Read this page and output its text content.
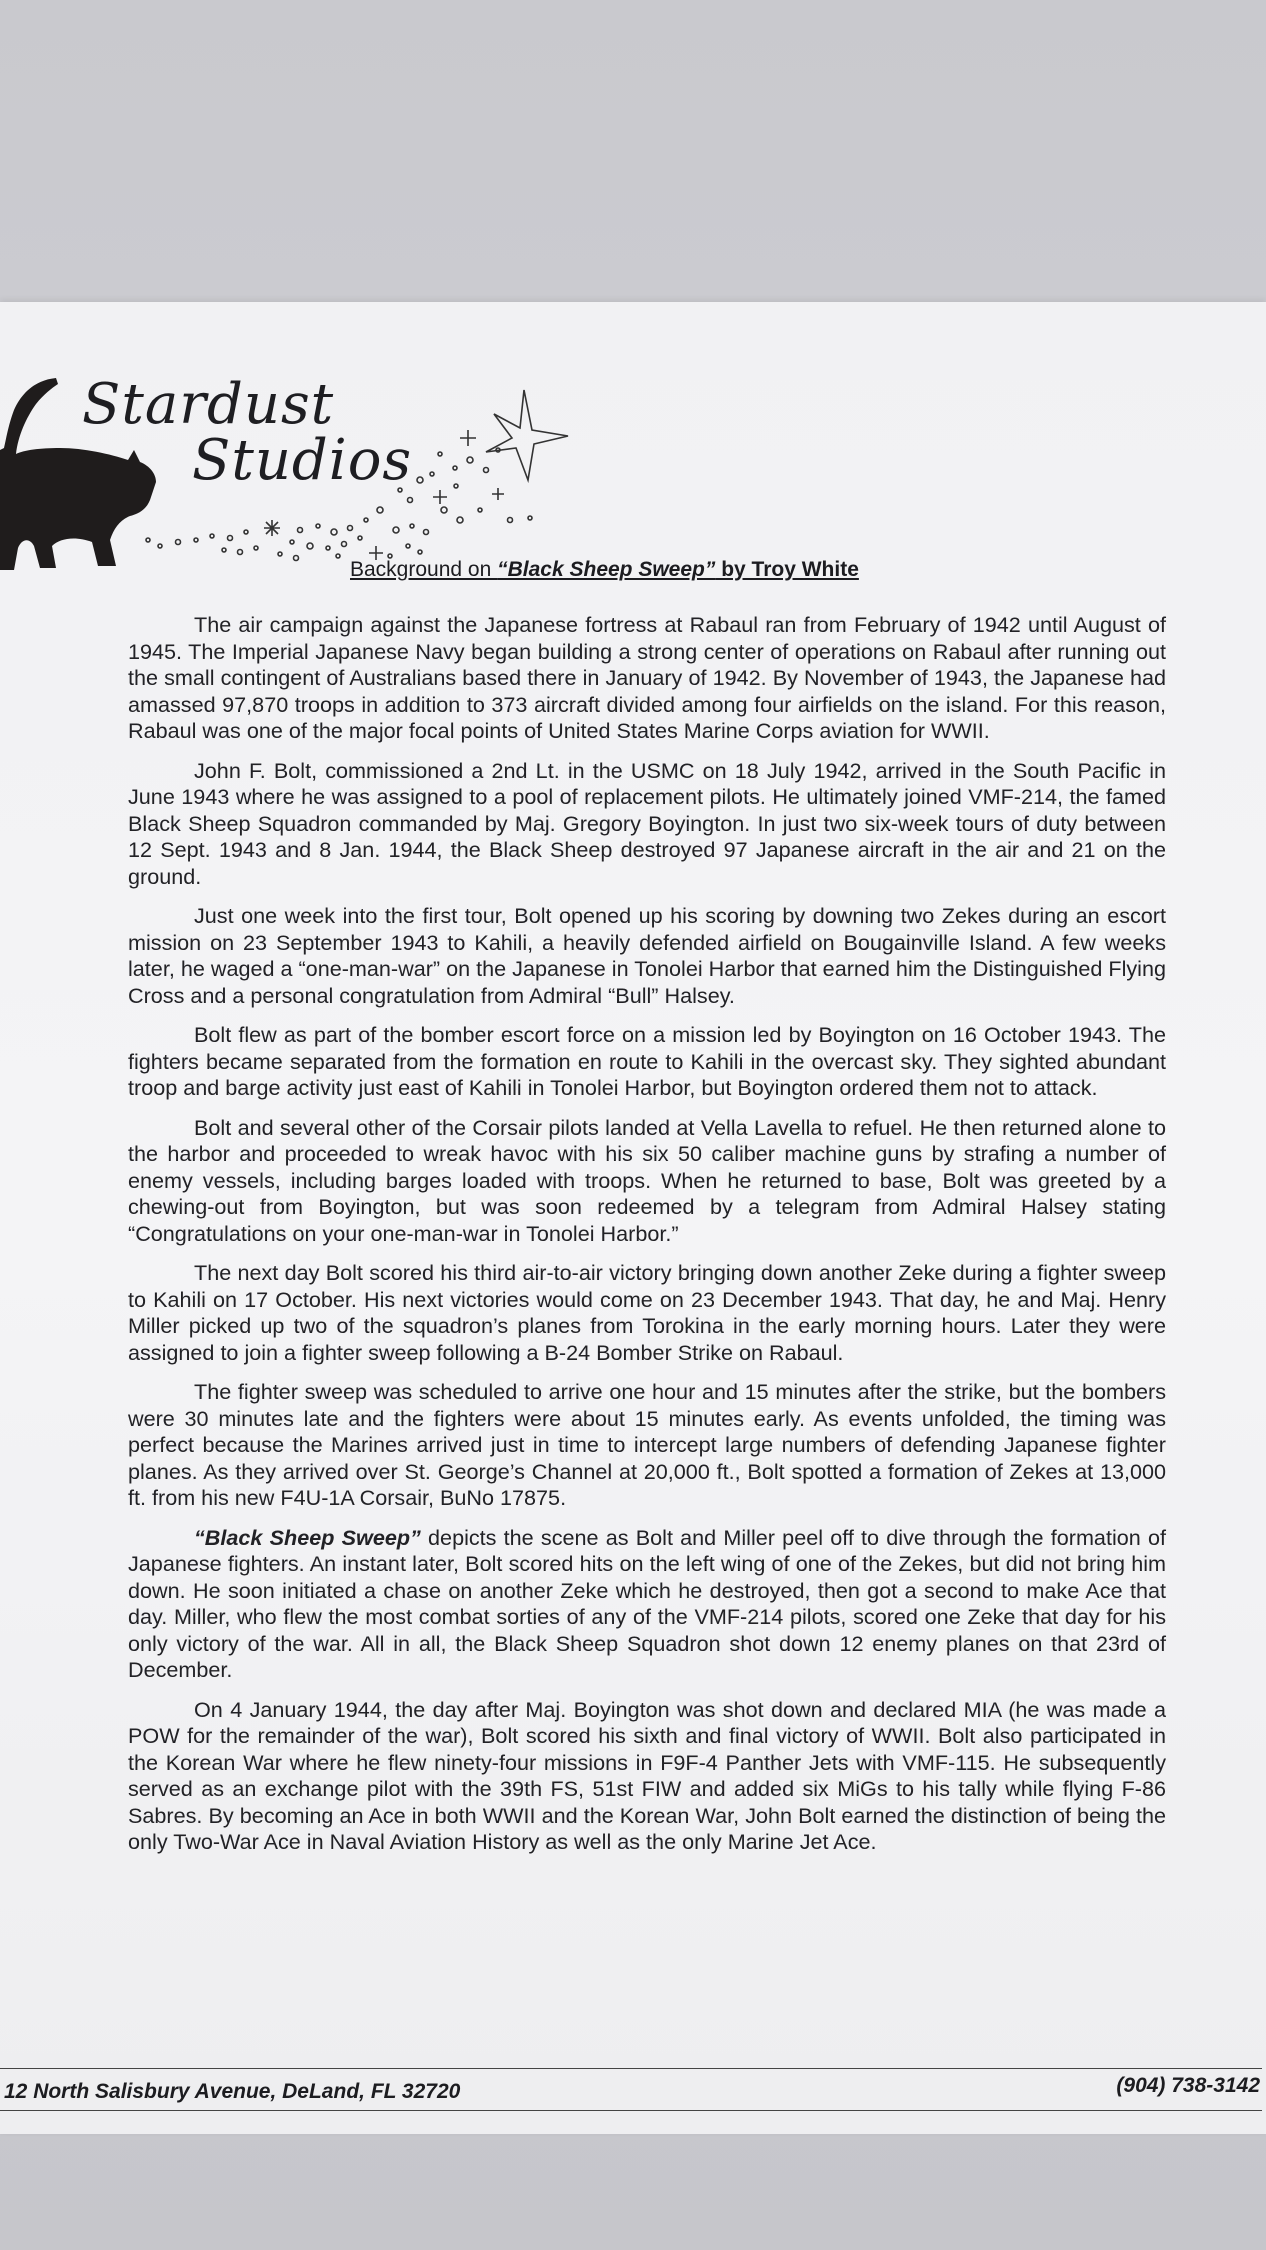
Stardust
Studios
Background on “Black Sheep Sweep” by Troy White

The air campaign against the Japanese fortress at Rabaul ran from February of 1942 until August of 1945. The Imperial Japanese Navy began building a strong center of operations on Rabaul after running out the small contingent of Australians based there in January of 1942. By November of 1943, the Japanese had amassed 97,870 troops in addition to 373 aircraft divided among four airfields on the island. For this reason, Rabaul was one of the major focal points of United States Marine Corps aviation for WWII.

John F. Bolt, commissioned a 2nd Lt. in the USMC on 18 July 1942, arrived in the South Pacific in June 1943 where he was assigned to a pool of replacement pilots. He ultimately joined VMF-214, the famed Black Sheep Squadron commanded by Maj. Gregory Boyington. In just two six-week tours of duty between 12 Sept. 1943 and 8 Jan. 1944, the Black Sheep destroyed 97 Japanese aircraft in the air and 21 on the ground.

Just one week into the first tour, Bolt opened up his scoring by downing two Zekes during an escort mission on 23 September 1943 to Kahili, a heavily defended airfield on Bougainville Island. A few weeks later, he waged a “one-man-war” on the Japanese in Tonolei Harbor that earned him the Distinguished Flying Cross and a personal congratulation from Admiral “Bull” Halsey.

Bolt flew as part of the bomber escort force on a mission led by Boyington on 16 October 1943. The fighters became separated from the formation en route to Kahili in the overcast sky. They sighted abundant troop and barge activity just east of Kahili in Tonolei Harbor, but Boyington ordered them not to attack.

Bolt and several other of the Corsair pilots landed at Vella Lavella to refuel. He then returned alone to the harbor and proceeded to wreak havoc with his six 50 caliber machine guns by strafing a number of enemy vessels, including barges loaded with troops. When he returned to base, Bolt was greeted by a chewing-out from Boyington, but was soon redeemed by a telegram from Admiral Halsey stating “Congratulations on your one-man-war in Tonolei Harbor.”

The next day Bolt scored his third air-to-air victory bringing down another Zeke during a fighter sweep to Kahili on 17 October. His next victories would come on 23 December 1943. That day, he and Maj. Henry Miller picked up two of the squadron’s planes from Torokina in the early morning hours. Later they were assigned to join a fighter sweep following a B-24 Bomber Strike on Rabaul.

The fighter sweep was scheduled to arrive one hour and 15 minutes after the strike, but the bombers were 30 minutes late and the fighters were about 15 minutes early. As events unfolded, the timing was perfect because the Marines arrived just in time to intercept large numbers of defending Japanese fighter planes. As they arrived over St. George’s Channel at 20,000 ft., Bolt spotted a formation of Zekes at 13,000 ft. from his new F4U-1A Corsair, BuNo 17875.

“Black Sheep Sweep” depicts the scene as Bolt and Miller peel off to dive through the formation of Japanese fighters. An instant later, Bolt scored hits on the left wing of one of the Zekes, but did not bring him down. He soon initiated a chase on another Zeke which he destroyed, then got a second to make Ace that day. Miller, who flew the most combat sorties of any of the VMF-214 pilots, scored one Zeke that day for his only victory of the war. All in all, the Black Sheep Squadron shot down 12 enemy planes on that 23rd of December.

On 4 January 1944, the day after Maj. Boyington was shot down and declared MIA (he was made a POW for the remainder of the war), Bolt scored his sixth and final victory of WWII. Bolt also participated in the Korean War where he flew ninety-four missions in F9F-4 Panther Jets with VMF-115. He subsequently served as an exchange pilot with the 39th FS, 51st FIW and added six MiGs to his tally while flying F-86 Sabres. By becoming an Ace in both WWII and the Korean War, John Bolt earned the distinction of being the only Two-War Ace in Naval Aviation History as well as the only Marine Jet Ace.

12 North Salisbury Avenue, DeLand, FL 32720	(904) 738-3142
